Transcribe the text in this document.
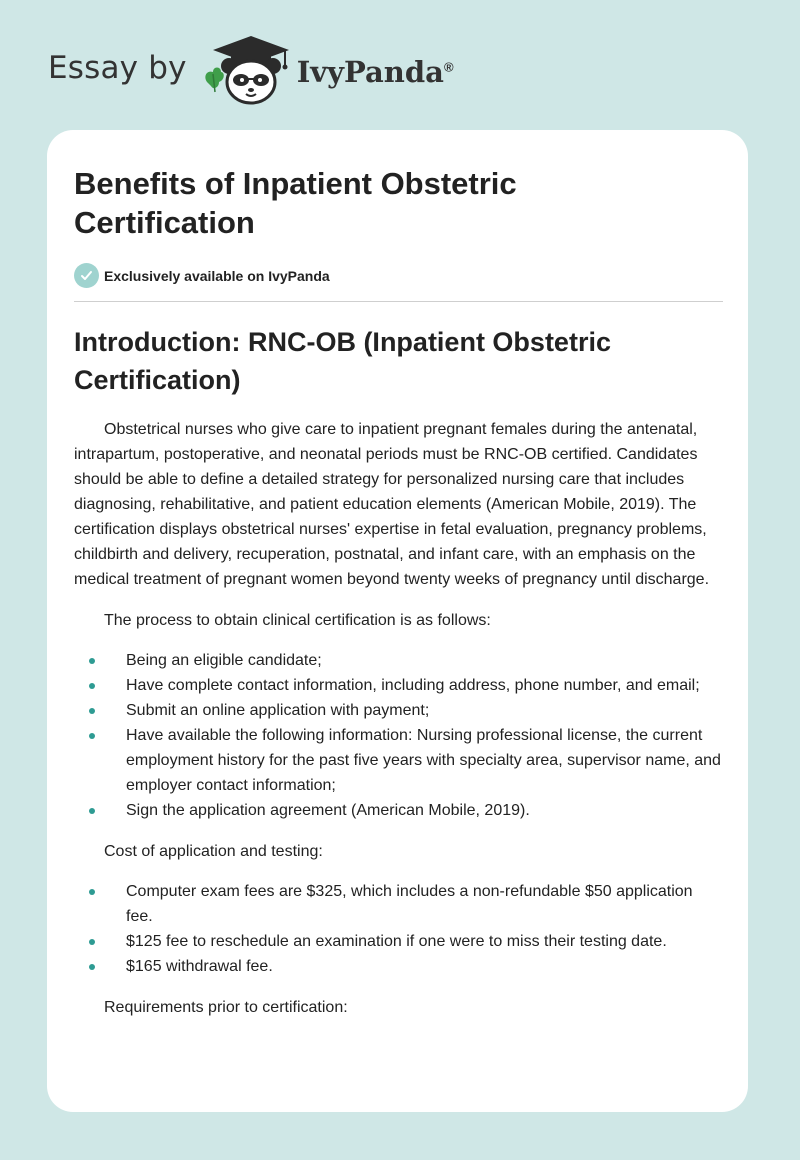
Essay by	IvyPanda®
Benefits of Inpatient Obstetric Certification
Exclusively available on IvyPanda
Introduction: RNC-OB (Inpatient Obstetric Certification)

Obstetrical nurses who give care to inpatient pregnant females during the antenatal, intrapartum, postoperative, and neonatal periods must be RNC-OB certified. Candidates should be able to define a detailed strategy for personalized nursing care that includes diagnosing, rehabilitative, and patient education elements (American Mobile, 2019). The certification displays obstetrical nurses' expertise in fetal evaluation, pregnancy problems, childbirth and delivery, recuperation, postnatal, and infant care, with an emphasis on the medical treatment of pregnant women beyond twenty weeks of pregnancy until discharge.

The process to obtain clinical certification is as follows:

Being an eligible candidate;
Have complete contact information, including address, phone number, and email;
Submit an online application with payment;
Have available the following information: Nursing professional license, the current employment history for the past five years with specialty area, supervisor name, and employer contact information;
Sign the application agreement (American Mobile, 2019).

Cost of application and testing:

Computer exam fees are $325, which includes a non-refundable $50 application fee.
$125 fee to reschedule an examination if one were to miss their testing date.
$165 withdrawal fee.

Requirements prior to certification:
